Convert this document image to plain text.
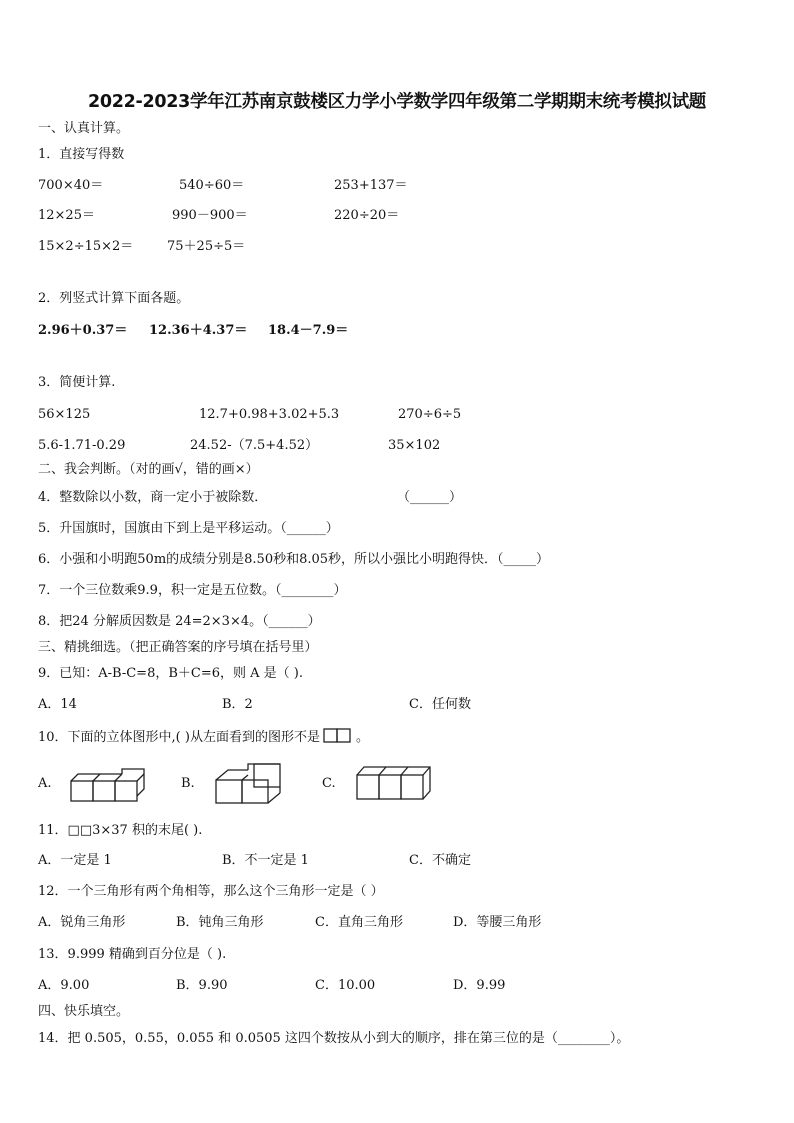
2022-2023学年江苏南京鼓楼区力学小学数学四年级第二学期期末统考模拟试题
一、认真计算。
1．直接写得数
700×40＝	540÷60＝	253+137＝
12×25＝	990－900＝	220÷20＝
15×2÷15×2＝	75＋25÷5＝
2．列竖式计算下面各题。
2.96＋0.37＝ 12.36＋4.37＝ 18.4－7.9＝
3．简便计算.
56×125	12.7+0.98+3.02+5.3	270÷6÷5
5.6-1.71-0.29	24.52-（7.5+4.52）	35×102
二、我会判断。（对的画√，错的画×）
4．整数除以小数，商一定小于被除数．	（______）
5．升国旗时，国旗由下到上是平移运动。（______）
6．小强和小明跑50m的成绩分别是8.50秒和8.05秒，所以小强比小明跑得快．（_____）
7．一个三位数乘9.9，积一定是五位数。（________）
8．把24 分解质因数是 24=2×3×4。（______）
三、精挑细选。（把正确答案的序号填在括号里）
9．已知：A-B-C=8，B＋C=6，则 A 是（ ).
A．14	B．2	C．任何数
10．下面的立体图形中,( )从左面看到的图形不是	。
A.	B.	C.
11．□□3×37 积的末尾( ).
A．一定是 1	B．不一定是 1	C．不确定
12．一个三角形有两个角相等，那么这个三角形一定是（ ）
A．锐角三角形	B．钝角三角形	C．直角三角形	D．等腰三角形
13．9.999 精确到百分位是（ ).
A．9.00	B．9.90	C．10.00	D．9.99
四、快乐填空。
14．把 0.505，0.55，0.055 和 0.0505 这四个数按从小到大的顺序，排在第三位的是（________）。
